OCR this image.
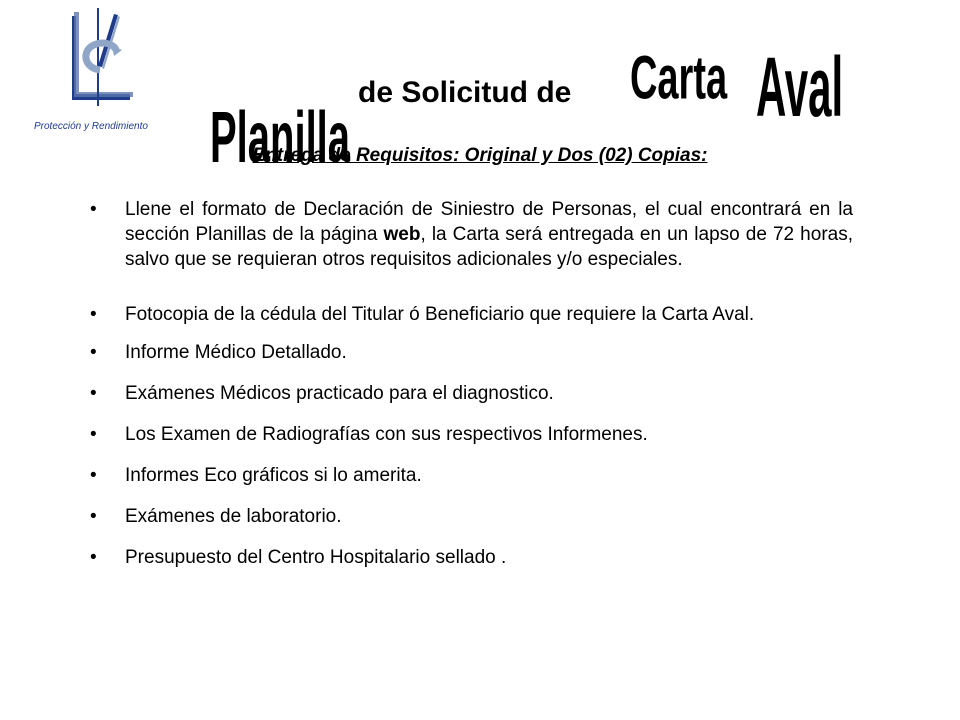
Protección y Rendimiento Planilla
de Solicitud de Carta Aval
Entrega de Requisitos: Original y Dos (02) Copias:
• Llene el formato de Declaración de Siniestro de Personas, el cual encontrará en la sección Planillas de la página web, la Carta será entregada en un lapso de 72 horas, salvo que se requieran otros requisitos adicionales y/o especiales.
• Fotocopia de la cédula del Titular ó Beneficiario que requiere la Carta Aval.
• Informe Médico Detallado.
• Exámenes Médicos practicado para el diagnostico.
• Los Examen de Radiografías con sus respectivos Informenes.
• Informes Eco gráficos si lo amerita.
• Exámenes de laboratorio.
• Presupuesto del Centro Hospitalario sellado .
